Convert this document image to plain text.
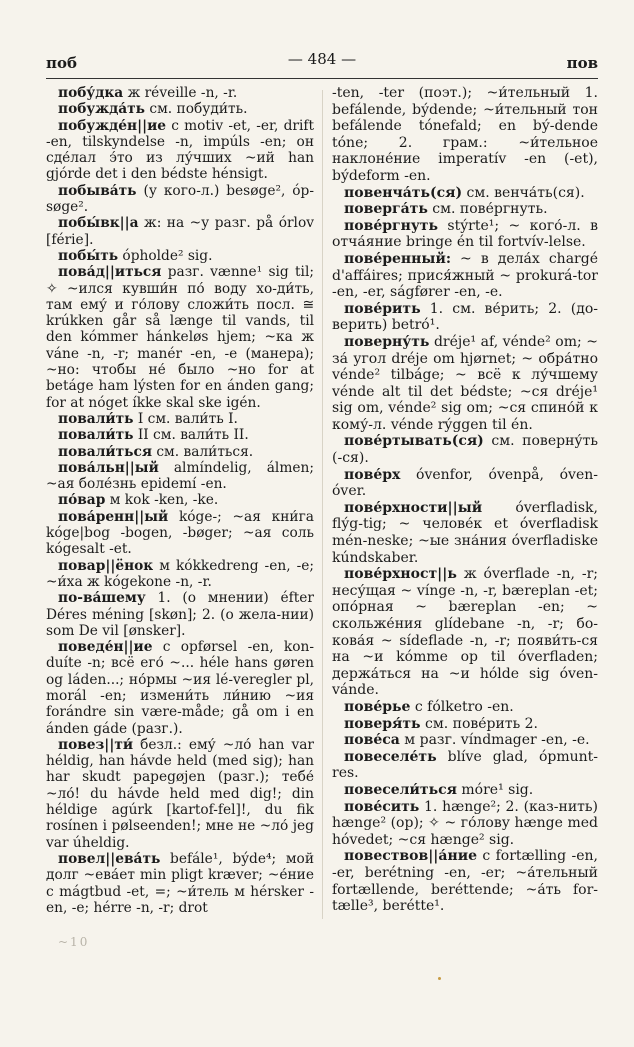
поб	— 484 —	пов

побу́дка ж réveille -n, -r.

побужда́ть см. побуди́ть.

побужде́н||ие с motiv -et, -er, drift -en, tilskyndelse -n, impúls -en; он сде́лал э́то из лу́чших ~ий han gjórde det i den bédste hénsigt.

побыва́ть (у кого-л.) besøge², óp-søge².

побы́вк||а ж: на ~у разг. på órlov [férie].

побы́ть ópholde² sig.

пова́д||иться разг. vænne¹ sig til; ✧ ~ился кувши́н по́ воду хо-ди́ть, там ему́ и го́лову сложи́ть посл. ≅ krúkken går så længe til vands, til den kómmer hánkeløs hjem; ~ка ж váne -n, -r; manér -en, -e (манера); ~но: чтобы не́ было ~но for at betáge ham lýsten for en ánden gang; for at nóget íkke skal ske igén.

повали́ть I см. вали́ть I.

повали́ть II см. вали́ть II.

повали́ться см. вали́ться.

пова́льн||ый almíndelig, álmen; ~ая боле́знь epidemí -en.

по́вар м kok -ken, -ke.

пова́ренн||ый kóge-; ~ая кни́га kóge|bog -bogen, -bøger; ~ая соль kógesalt -et.

повар||ёнок м kókkedreng -en, -e; ~и́ха ж kógekone -n, -r.

по-ва́шему 1. (о мнении) éfter Déres méning [skøn]; 2. (о жела-нии) som De vil [ønsker].

поведе́н||ие с opførsel -en, kon-duíte -n; всё его́ ~... héle hans gøren og láden...; но́рмы ~ия lé-veregler pl, morál -en; измени́ть ли́нию ~ия forándre sin være-måde; gå om i en ánden gáde (разг.).

повез||ти́ безл.: ему́ ~ло́ han var héldig, han hávde held (med sig); han har skudt papegøjen (разг.); тебе́ ~ло́! du hávde held med dig!; din héldige agúrk [kartof-fel]!, du fik rosínen i pølseenden!; мне не ~ло́ jeg var úheldig.

повел||ева́ть befále¹, býde⁴; мой долг ~ева́ет min pligt kræver; ~е́ние с mágtbud -et, =; ~и́тель м hérsker -en, -e; hérre -n, -r; drot

-ten, -ter (поэт.); ~и́тельный 1. befálende, býdende; ~и́тельный тон befálende tónefald; en bý-dende tóne; 2. грам.: ~и́тельное наклоне́ние imperatív -en (-et), býdeform -en.

повенча́ть(ся) см. венча́ть(ся).

поверга́ть см. пове́ргнуть.

пове́ргнуть stýrte¹; ~ кого́-л. в отча́яние bringe én til fortvív-lelse.

пове́ренный: ~ в дела́х chargé d'affáires; прися́жный ~ prokurá-tor -en, -er, ságfører -en, -e.

пове́рить 1. см. ве́рить; 2. (до-верить) betró¹.

поверну́ть dréje¹ af, vénde² om; ~ за́ угол dréje om hjørnet; ~ обра́тно vénde² tilbáge; ~ всё к лу́чшему vénde alt til det bédste; ~ся dréje¹ sig om, vénde² sig om; ~ся спино́й к кому́-л. vénde rýggen til én.

пове́ртывать(ся) см. поверну́ть (-ся).

пове́рх óvenfor, óvenpå, óven-óver.

пове́рхности||ый óverfladisk, flýg-tig; ~ челове́к et óverfladisk mén-neske; ~ые зна́ния óverfladiske kúndskaber.

пове́рхност||ь ж óverflade -n, -r; несу́щая ~ vínge -n, -r, bæreplan -et; опо́рная ~ bæreplan -en; ~ скольже́ния glídebane -n, -r; бо-кова́я ~ sídeflade -n, -r; появи́ть-ся на ~и kómme op til óverfladen; держа́ться на ~и hólde sig óven-vánde.

пове́рье с fólketro -en.

поверя́ть см. пове́рить 2.

пове́са м разг. víndmager -en, -e.

повеселе́ть blíve glad, ópmunt-res.

повесели́ться móre¹ sig.

пове́сить 1. hænge²; 2. (каз-нить) hænge² (op); ✧ ~ го́лову hænge med hóvedet; ~ся hænge² sig.

повествов||а́ние с fortælling -en, -er, berétning -en, -er; ~а́тельный fortællende, beréttende; ~а́ть for-tælle³, berétte¹.

~10
